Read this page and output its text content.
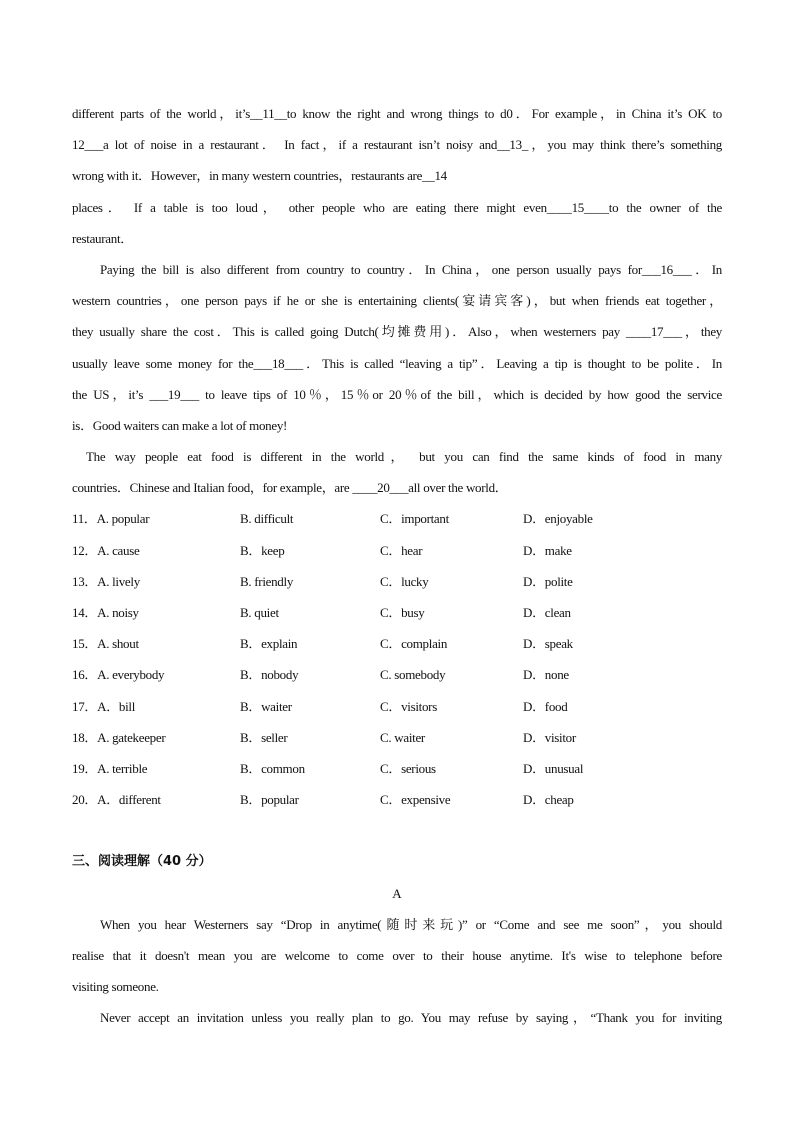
different parts of the world，it’s__11__to know the right and wrong things to d0．For example，in China it’s OK to
12___a lot of noise in a restaurant． In fact，if a restaurant isn’t noisy and__13_，you may think there’s something
wrong with it．However，in many western countries，restaurants are__14
places． If a table is too loud， other people who are eating there might even____15____to the owner of the
restaurant．
Paying the bill is also different from country to country．In China，one person usually pays for___16___．In
western countries，one person pays if he or she is entertaining clients(宴请宾客)，but when friends eat together，
they usually share the cost．This is called going Dutch(均摊费用)．Also，when westerners pay ____17___，they
usually leave some money for the___18___．This is called “leaving a tip”．Leaving a tip is thought to be polite．In
the US，it’s ___19___ to leave tips of 10％，15％or 20％of the bill，which is decided by how good the service
is．Good waiters can make a lot of money!
The way people eat food is different in the world， but you can find the same kinds of food in many
countries．Chinese and Italian food，for example，are ____20___all over the world．
11．A. popular	B. difficult	C．important	D．enjoyable
12．A. cause	B．keep	C．hear	D．make
13．A. lively	B. friendly	C．lucky	D．polite
14．A. noisy	B. quiet	C．busy	D．clean
15．A. shout	B．explain	C．complain	D．speak
16．A. everybody	B．nobody	C. somebody	D．none
17．A．bill	B．waiter	C．visitors	D．food
18．A. gatekeeper	B．seller	C. waiter	D．visitor
19．A. terrible	B．common	C．serious	D．unusual
20．A．different	B．popular	C．expensive	D．cheap
三、阅读理解（40 分）
A
When you hear Westerners say “Drop in anytime(随时来玩)” or “Come and see me soon”，you should
realise that it doesn't mean you are welcome to come over to their house anytime. It's wise to telephone before
visiting someone.
Never accept an invitation unless you really plan to go. You may refuse by saying，“Thank you for inviting
